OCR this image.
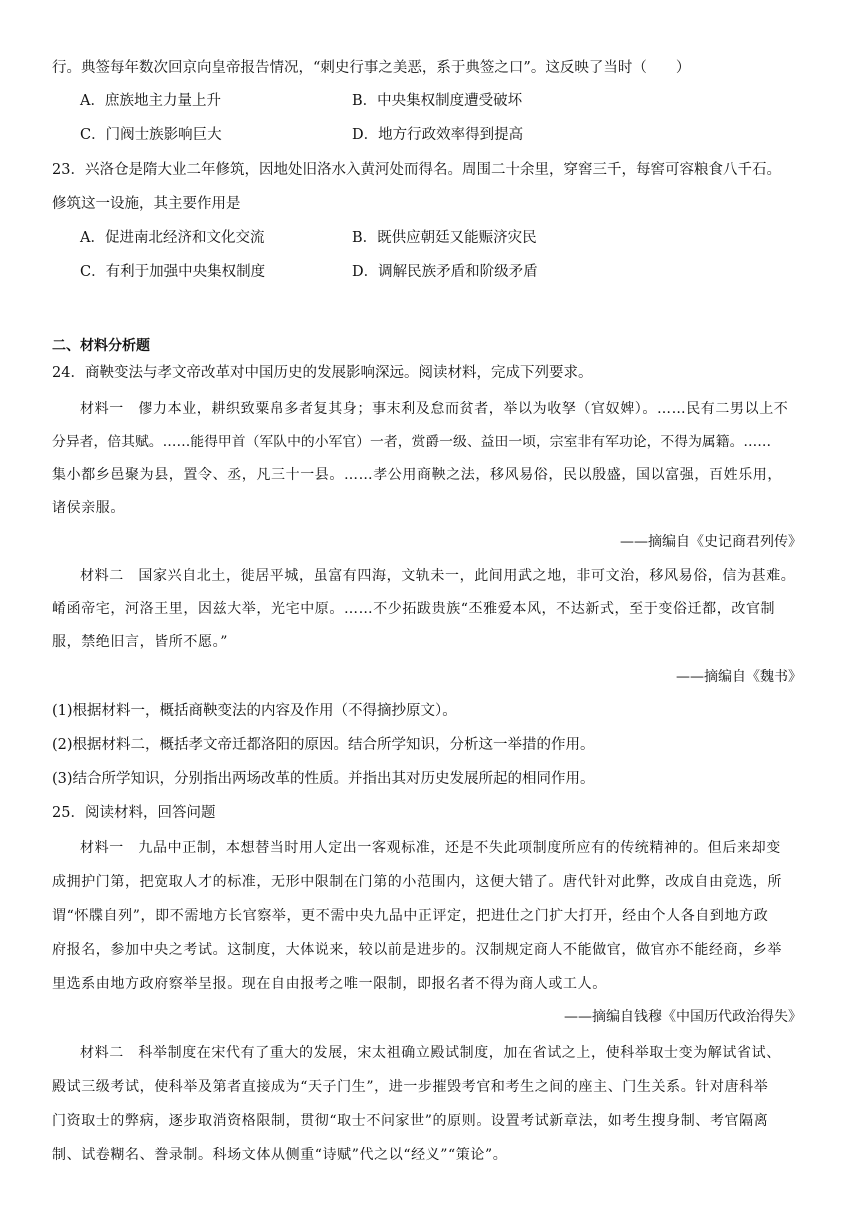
行。典签每年数次回京向皇帝报告情况，“刺史行事之美恶，系于典签之口”。这反映了当时（　　）
A．庶族地主力量上升	B．中央集权制度遭受破坏
C．门阀士族影响巨大	D．地方行政效率得到提高
23．兴洛仓是隋大业二年修筑，因地处旧洛水入黄河处而得名。周围二十余里，穿窖三千，每窖可容粮食八千石。
修筑这一设施，其主要作用是
A．促进南北经济和文化交流	B．既供应朝廷又能赈济灾民
C．有利于加强中央集权制度	D．调解民族矛盾和阶级矛盾
二、材料分析题
24．商鞅变法与孝文帝改革对中国历史的发展影响深远。阅读材料，完成下列要求。
材料一　僇力本业，耕织致粟帛多者复其身；事末利及怠而贫者，举以为收孥（官奴婢）。……民有二男以上不
分异者，倍其赋。……能得甲首（军队中的小军官）一者，赏爵一级、益田一顷，宗室非有军功论，不得为属籍。……
集小都乡邑聚为县，置令、丞，凡三十一县。……孝公用商鞅之法，移风易俗，民以殷盛，国以富强，百姓乐用，
诸侯亲服。
——摘编自《史记商君列传》
材料二　国家兴自北土，徙居平城，虽富有四海，文轨未一，此间用武之地，非可文治，移风易俗，信为甚难。
崤函帝宅，河洛王里，因兹大举，光宅中原。……不少拓跋贵族“丕雅爱本风，不达新式，至于变俗迁都，改官制
服，禁绝旧言，皆所不愿。”
——摘编自《魏书》
(1)根据材料一，概括商鞅变法的内容及作用（不得摘抄原文）。
(2)根据材料二，概括孝文帝迁都洛阳的原因。结合所学知识，分析这一举措的作用。
(3)结合所学知识，分别指出两场改革的性质。并指出其对历史发展所起的相同作用。
25．阅读材料，回答问题
材料一　九品中正制，本想替当时用人定出一客观标准，还是不失此项制度所应有的传统精神的。但后来却变
成拥护门第，把宽取人才的标准，无形中限制在门第的小范围内，这便大错了。唐代针对此弊，改成自由竞选，所
谓“怀牒自列”，即不需地方长官察举，更不需中央九品中正评定，把进仕之门扩大打开，经由个人各自到地方政
府报名，参加中央之考试。这制度，大体说来，较以前是进步的。汉制规定商人不能做官，做官亦不能经商，乡举
里选系由地方政府察举呈报。现在自由报考之唯一限制，即报名者不得为商人或工人。
——摘编自钱穆《中国历代政治得失》
材料二　科举制度在宋代有了重大的发展，宋太祖确立殿试制度，加在省试之上，使科举取士变为解试省试、
殿试三级考试，使科举及第者直接成为“天子门生”，进一步摧毁考官和考生之间的座主、门生关系。针对唐科举
门资取士的弊病，逐步取消资格限制，贯彻“取士不问家世”的原则。设置考试新章法，如考生搜身制、考官隔离
制、试卷糊名、誊录制。科场文体从侧重“诗赋”代之以“经义”“策论”。
